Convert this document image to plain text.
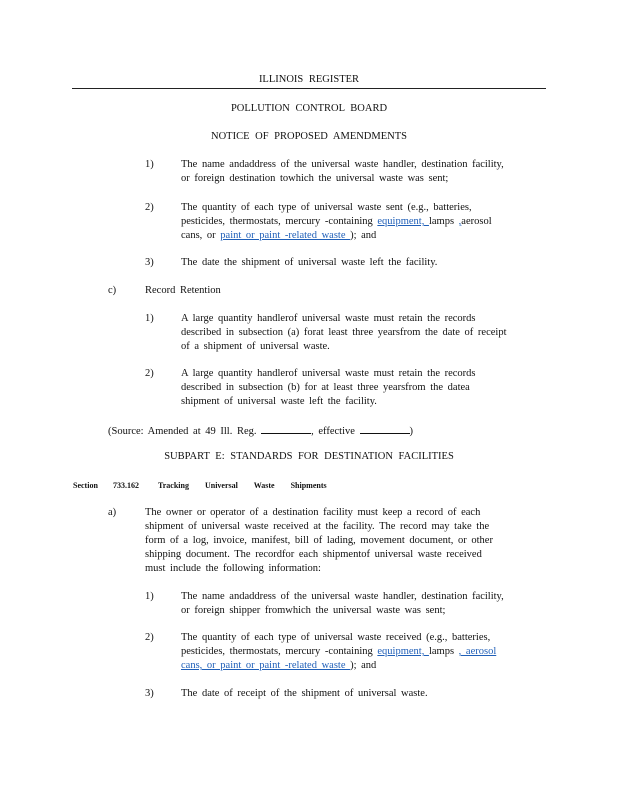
ILLINOIS REGISTER
POLLUTION CONTROL BOARD
NOTICE OF PROPOSED AMENDMENTS
1)	The name andaddress of the universal waste handler, destination facility,
or foreign destination towhich the universal waste was sent;
2)	The quantity of each type of universal waste sent (e.g., batteries,
pesticides, thermostats, mercury -containing equipment, lamps ,aerosol
cans, or paint or paint -related waste ); and
3)	The date the shipment of universal waste left the facility.
c)	Record Retention
1)	A large quantity handlerof universal waste must retain the records
described in subsection (a) forat least three yearsfrom the date of receipt
of a shipment of universal waste.
2)	A large quantity handlerof universal waste must retain the records
described in subsection (b) for at least three yearsfrom the datea
shipment of universal waste left the facility.
(Source: Amended at 49 Ill. Reg.	, effective	)
SUBPART E: STANDARDS FOR DESTINATION FACILITIES
Section 733.162 Tracking Universal Waste Shipments
a)	The owner or operator of a destination facility must keep a record of each
shipment of universal waste received at the facility. The record may take the
form of a log, invoice, manifest, bill of lading, movement document, or other
shipping document. The recordfor each shipmentof universal waste received
must include the following information:
1)	The name andaddress of the universal waste handler, destination facility,
or foreign shipper fromwhich the universal waste was sent;
2)	The quantity of each type of universal waste received (e.g., batteries,
pesticides, thermostats, mercury -containing equipment, lamps , aerosol
cans, or paint or paint -related waste ); and
3)	The date of receipt of the shipment of universal waste.
